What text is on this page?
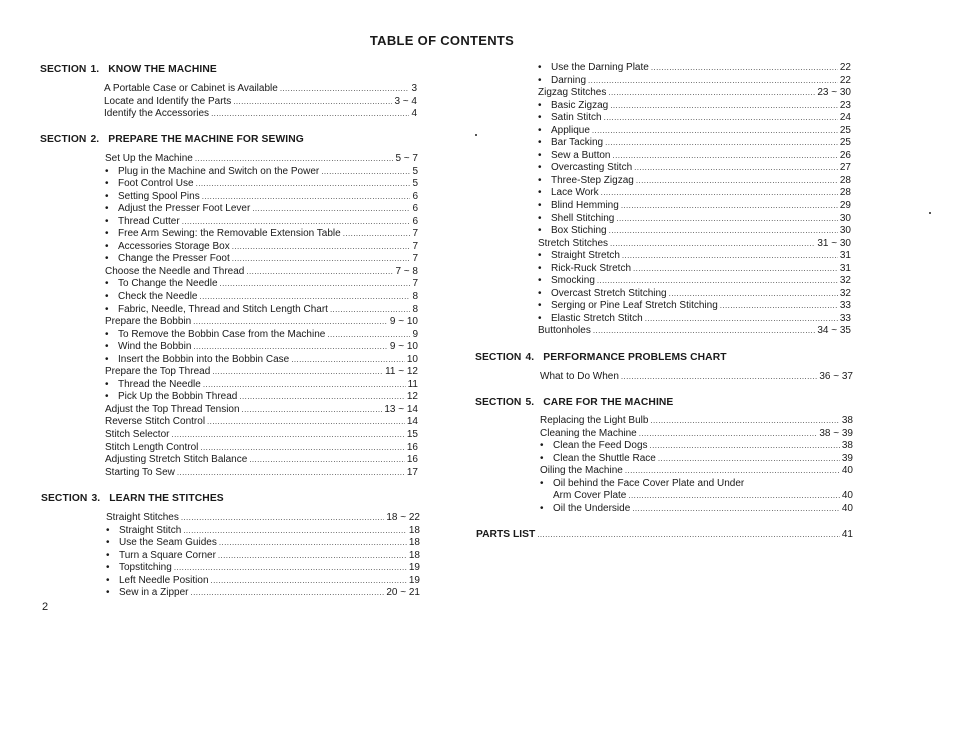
TABLE OF CONTENTS
SECTION 1. KNOW THE MACHINE
A Portable Case or Cabinet is Available .....	3
Locate and Identify the Parts .....	3 ~ 4
Identify the Accessories .....	4
SECTION 2. PREPARE THE MACHINE FOR SEWING
Set Up the Machine .....	5 ~ 7
• Plug in the Machine and Switch on the Power .....	5
• Foot Control Use .....	5
• Setting Spool Pins .....	6
• Adjust the Presser Foot Lever .....	6
• Thread Cutter .....	6
• Free Arm Sewing: the Removable Extension Table .....	7
• Accessories Storage Box .....	7
• Change the Presser Foot .....	7
Choose the Needle and Thread .....	7 ~ 8
• To Change the Needle .....	7
• Check the Needle .....	8
• Fabric, Needle, Thread and Stitch Length Chart .....	8
Prepare the Bobbin .....	9 ~ 10
• To Remove the Bobbin Case from the Machine .....	9
• Wind the Bobbin .....	9 ~ 10
• Insert the Bobbin into the Bobbin Case .....	10
Prepare the Top Thread .....	11 ~ 12
• Thread the Needle .....	11
• Pick Up the Bobbin Thread .....	12
Adjust the Top Thread Tension .....	13 ~ 14
Reverse Stitch Control .....	14
Stitch Selector .....	15
Stitch Length Control .....	16
Adjusting Stretch Stitch Balance .....	16
Starting To Sew .....	17
SECTION 3. LEARN THE STITCHES
Straight Stitches .....	18 ~ 22
• Straight Stitch .....	18
• Use the Seam Guides .....	18
• Turn a Square Corner .....	18
• Topstitching .....	19
• Left Needle Position .....	19
• Sew in a Zipper .....	20 ~ 21
• Use the Darning Plate .....	22
• Darning .....	22
Zigzag Stitches .....	23 ~ 30
• Basic Zigzag .....	23
• Satin Stitch .....	24
• Applique .....	25
• Bar Tacking .....	25
• Sew a Button .....	26
• Overcasting Stitch .....	27
• Three-Step Zigzag .....	28
• Lace Work .....	28
• Blind Hemming .....	29
• Shell Stitching .....	30
• Box Stiching .....	30
Stretch Stitches .....	31 ~ 30
• Straight Stretch .....	31
• Rick-Ruck Stretch .....	31
• Smocking .....	32
• Overcast Stretch Stitching .....	32
• Serging or Pine Leaf Stretch Stitching .....	33
• Elastic Stretch Stitch .....	33
Buttonholes .....	34 ~ 35
SECTION 4. PERFORMANCE PROBLEMS CHART
What to Do When .....	36 ~ 37
SECTION 5. CARE FOR THE MACHINE
Replacing the Light Bulb .....	38
Cleaning the Machine .....	38 ~ 39
• Clean the Feed Dogs .....	38
• Clean the Shuttle Race .....	39
Oiling the Machine .....	40
• Oil behind the Face Cover Plate and Under
Arm Cover Plate .....	40
• Oil the Underside .....	40
PARTS LIST .....	41
2
